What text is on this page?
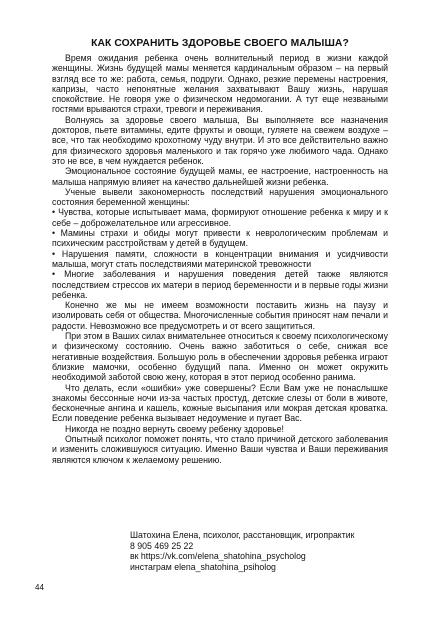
КАК СОХРАНИТЬ ЗДОРОВЬЕ СВОЕГО МАЛЫША?

Время ожидания ребенка очень волнительный период в жизни каждой женщины. Жизнь будущей мамы меняется кардинальным образом – на первый взгляд все то же: работа, семья, подруги. Однако, резкие перемены настроения, капризы, часто непонятные желания захватывают Вашу жизнь, нарушая спокойствие. Не говоря уже о физическом недомогании. А тут еще незваными гостями врываются страхи, тревоги и переживания.

Волнуясь за здоровье своего малыша, Вы выполняете все назначения докторов, пьете витамины, едите фрукты и овощи, гуляете на свежем воздухе – все, что так необходимо крохотному чуду внутри. И это все действительно важно для физического здоровья маленького и так горячо уже любимого чада. Однако это не все, в чем нуждается ребенок.

Эмоциональное состояние будущей мамы, ее настроение, настроенность на малыша напрямую влияет на качество дальнейшей жизни ребенка.

Ученые вывели закономерность последствий нарушения эмоционального состояния беременной женщины:

• Чувства, которые испытывает мама, формируют отношение ребенка к миру и к себе – доброжелательное или агрессивное.
• Мамины страхи и обиды могут привести к неврологическим проблемам и психическим расстройствам у детей в будущем.
• Нарушения памяти, сложности в концентрации внимания и усидчивости малыша, могут стать последствиями материнской тревожности
• Многие заболевания и нарушения поведения детей также являются последствием стрессов их матери в период беременности и в первые годы жизни ребенка.

Конечно же мы не имеем возможности поставить жизнь на паузу и изолировать себя от общества. Многочисленные события приносят нам печали и радости. Невозможно все предусмотреть и от всего защититься.

При этом в Ваших силах внимательнее относиться к своему психологическому и физическому состоянию. Очень важно заботиться о себе, снижая все негативные воздействия. Большую роль в обеспечении здоровья ребенка играют близкие мамочки, особенно будущий папа. Именно он может окружить необходимой заботой свою жену, которая в этот период особенно ранима.

Что делать, если «ошибки» уже совершены? Если Вам уже не понаслышке знакомы бессонные ночи из-за частых простуд, детские слезы от боли в животе, бесконечные ангина и кашель, кожные высыпания или мокрая детская кроватка. Если поведение ребенка вызывает недоумение и пугает Вас.

Никогда не поздно вернуть своему ребенку здоровье!

Опытный психолог поможет понять, что стало причиной детского заболевания и изменить сложившуюся ситуацию. Именно Ваши чувства и Ваши переживания являются ключом к желаемому решению.

Шатохина Елена, психолог, расстановщик, игропрактик
8 905 469 25 22
вк https://vk.com/elena_shatohina_psycholog
инстаграм elena_shatohina_psiholog
44
